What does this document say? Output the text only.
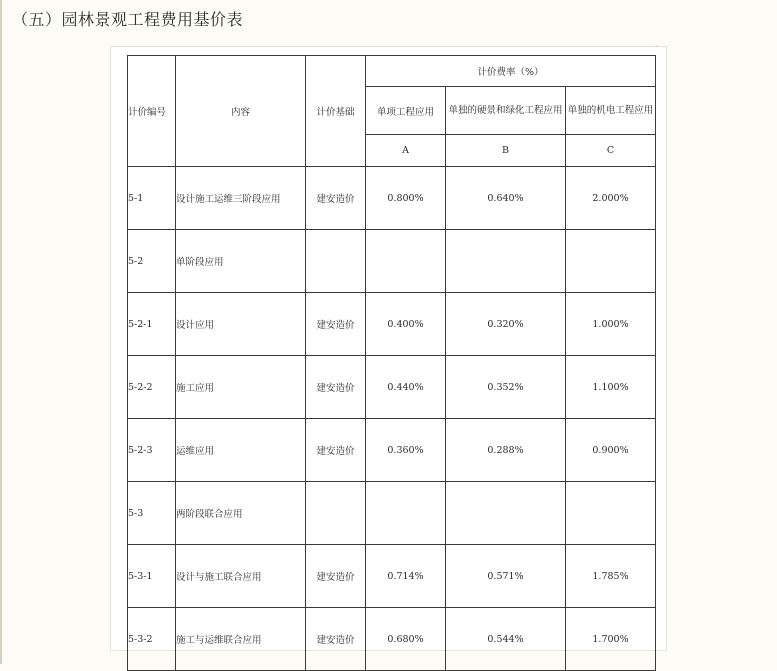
（五）园林景观工程费用基价表
·
计价编号	内容	计价基础	计价费率（%）		
			单项工程应用	单独的硬景和绿化工程应用	单独的机电工程应用
			A	B	C
5-1	设计施工运维三阶段应用	建安造价	0.800%	0.640%	2.000%
5-2	单阶段应用				
5-2-1	设计应用	建安造价	0.400%	0.320%	1.000%
5-2-2	施工应用	建安造价	0.440%	0.352%	1.100%
5-2-3	运维应用	建安造价	0.360%	0.288%	0.900%
5-3	两阶段联合应用				
5-3-1	设计与施工联合应用	建安造价	0.714%	0.571%	1.785%
5-3-2	施工与运维联合应用	建安造价	0.680%	0.544%	1.700%
